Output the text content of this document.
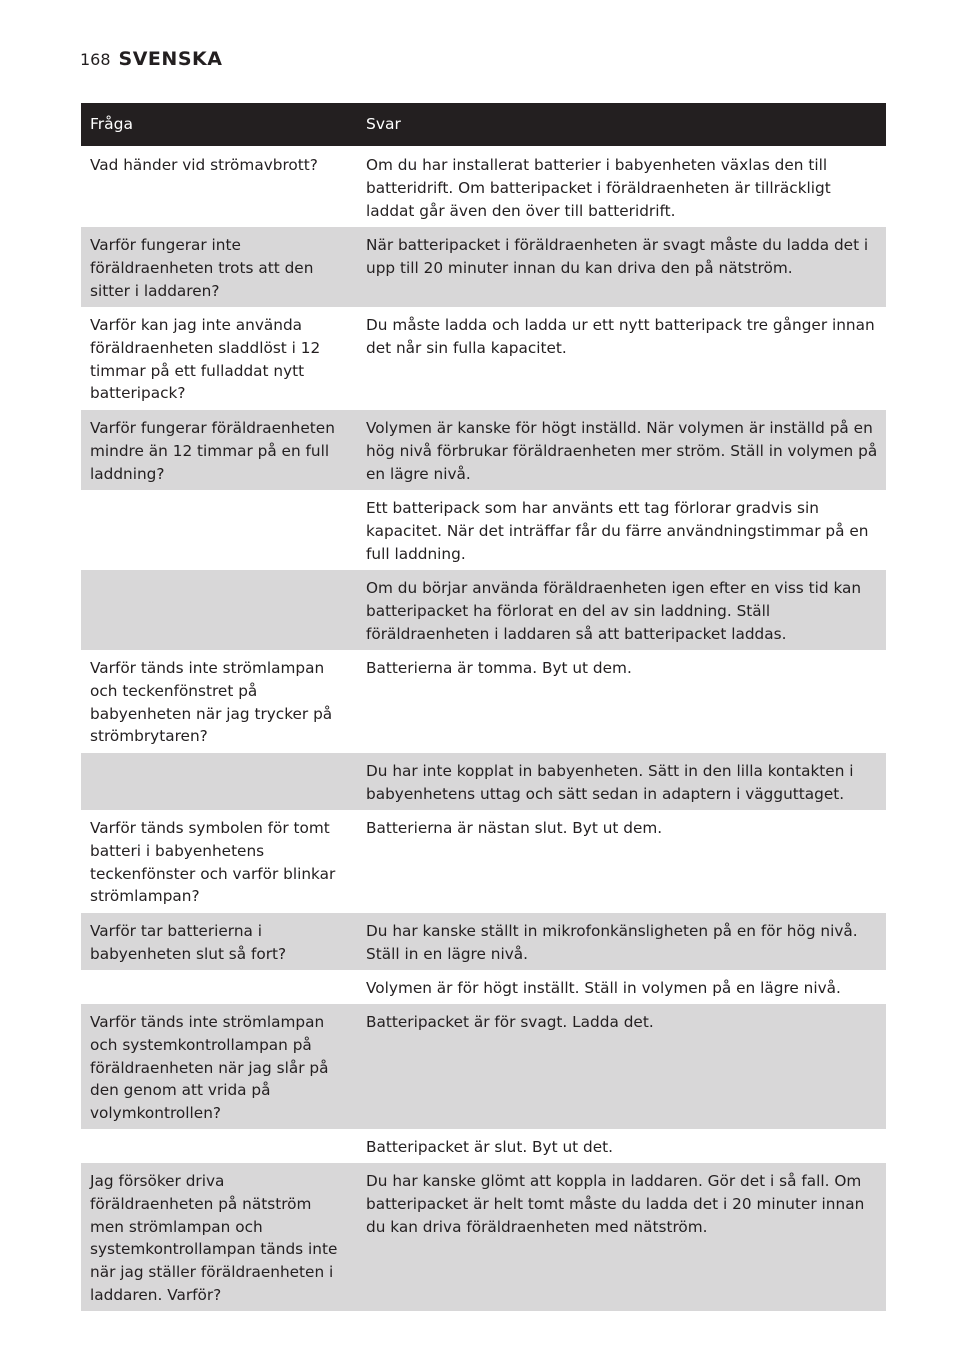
168 SVENSKA
Fråga	Svar
Vad händer vid strömavbrott?	Om du har installerat batterier i babyenheten växlas den till batteridrift. Om batteripacket i föräldraenheten är tillräckligt laddat går även den över till batteridrift.
Varför fungerar inte föräldraenheten trots att den sitter i laddaren?
När batteripacket i föräldraenheten är svagt måste du ladda det i upp till 20 minuter innan du kan driva den på nätström.
Varför kan jag inte använda föräldraenheten sladdlöst i 12 timmar på ett fulladdat nytt batteripack?
Du måste ladda och ladda ur ett nytt batteripack tre gånger innan det når sin fulla kapacitet.
Varför fungerar föräldraenheten mindre än 12 timmar på en full laddning?
Volymen är kanske för högt inställd. När volymen är inställd på en hög nivå förbrukar föräldraenheten mer ström. Ställ in volymen på en lägre nivå.
Ett batteripack som har använts ett tag förlorar gradvis sin kapacitet. När det inträffar får du färre användningstimmar på en full laddning.
Om du börjar använda föräldraenheten igen efter en viss tid kan batteripacket ha förlorat en del av sin laddning. Ställ föräldraenheten i laddaren så att batteripacket laddas.
Varför tänds inte strömlampan och teckenfönstret på babyenheten när jag trycker på strömbrytaren?
Batterierna är tomma. Byt ut dem.
Du har inte kopplat in babyenheten. Sätt in den lilla kontakten i babyenhetens uttag och sätt sedan in adaptern i vägguttaget.
Varför tänds symbolen för tomt batteri i babyenhetens teckenfönster och varför blinkar strömlampan?
Batterierna är nästan slut. Byt ut dem.
Varför tar batterierna i babyenheten slut så fort?
Du har kanske ställt in mikrofonkänsligheten på en för hög nivå. Ställ in en lägre nivå.
Volymen är för högt inställt. Ställ in volymen på en lägre nivå.
Varför tänds inte strömlampan och systemkontrollampan på föräldraenheten när jag slår på den genom att vrida på volymkontrollen?
Batteripacket är för svagt. Ladda det.
Batteripacket är slut. Byt ut det.
Jag försöker driva föräldraenheten på nätström men strömlampan och systemkontrollampan tänds inte när jag ställer föräldraenheten i laddaren. Varför?
Du har kanske glömt att koppla in laddaren. Gör det i så fall. Om batteripacket är helt tomt måste du ladda det i 20 minuter innan du kan driva föräldraenheten med nätström.
